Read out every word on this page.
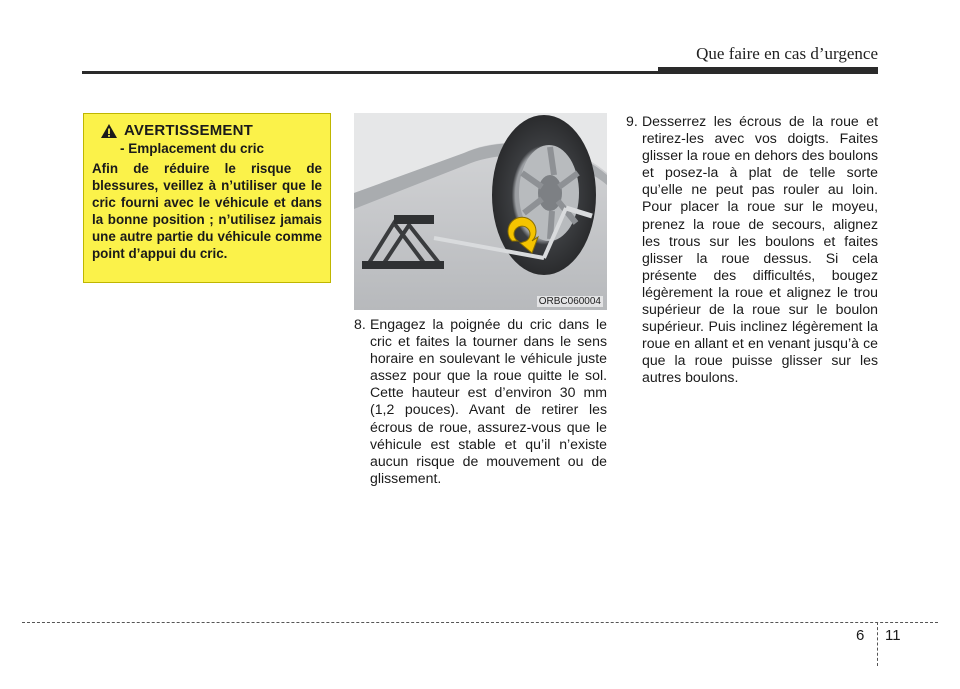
Que faire en cas d’urgence
AVERTISSEMENT
- Emplacement du cric
Afin de réduire le risque de blessures, veillez à n’utiliser que le cric fourni avec le véhicule et dans la bonne position ; n’utilisez jamais une autre partie du véhicule comme point d’appui du cric.
ORBC060004
8. Engagez la poignée du cric dans le cric et faites la tourner dans le sens horaire en soulevant le véhicule juste assez pour que la roue quitte le sol. Cette hauteur est d’environ 30 mm (1,2 pouces). Avant de retirer les écrous de roue, assurez-vous que le véhicule est stable et qu’il n’existe aucun risque de mouvement ou de glissement.
9. Desserrez les écrous de la roue et retirez-les avec vos doigts. Faites glisser la roue en dehors des boulons et posez-la à plat de telle sorte qu’elle ne peut pas rouler au loin. Pour placer la roue sur le moyeu, prenez la roue de secours, alignez les trous sur les boulons et faites glisser la roue dessus. Si cela présente des difficultés, bougez légèrement la roue et alignez le trou supérieur de la roue sur le boulon supérieur. Puis inclinez légèrement la roue en allant et en venant jusqu’à ce que la roue puisse glisser sur les autres boulons.
6 11
